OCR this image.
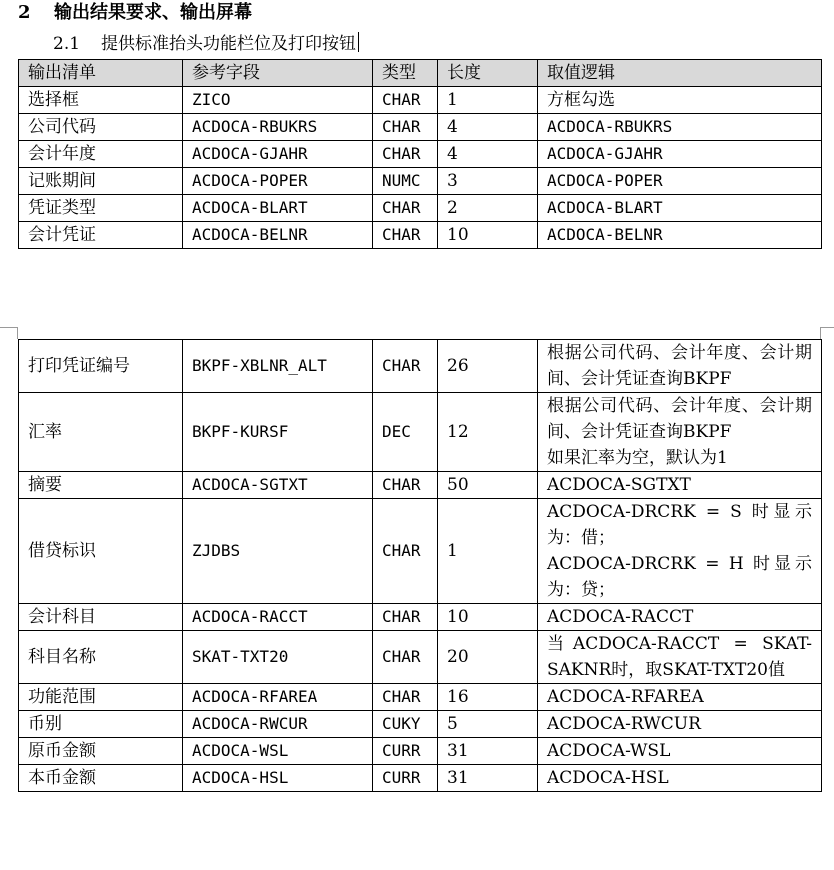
2 输出结果要求、输出屏幕
2.1 提供标准抬头功能栏位及打印按钮
输出清单	参考字段	类型	长度	取值逻辑
选择框	ZICO	CHAR	1	方框勾选
公司代码	ACDOCA-RBUKRS	CHAR	4	ACDOCA-RBUKRS
会计年度	ACDOCA-GJAHR	CHAR	4	ACDOCA-GJAHR
记账期间	ACDOCA-POPER	NUMC	3	ACDOCA-POPER
凭证类型	ACDOCA-BLART	CHAR	2	ACDOCA-BLART
会计凭证	ACDOCA-BELNR	CHAR	10	ACDOCA-BELNR
打印凭证编号	BKPF-XBLNR_ALT	CHAR	26	根据公司代码、会计年度、会计期间、会计凭证查询BKPF

汇率	BKPF-KURSF	DEC	12	根据公司代码、会计年度、会计期间、会计凭证查询BKPF
如果汇率为空，默认为1

摘要	ACDOCA-SGTXT	CHAR	50	ACDOCA-SGTXT

借贷标识	ZJDBS	CHAR	1	ACDOCA-DRCRK = S 时显示为：借；
ACDOCA-DRCRK = H 时显示为：贷；

会计科目	ACDOCA-RACCT	CHAR	10	ACDOCA-RACCT

科目名称	SKAT-TXT20	CHAR	20	当ACDOCA-RACCT = SKAT-SAKNR时，取SKAT-TXT20值

功能范围	ACDOCA-RFAREA	CHAR	16	ACDOCA-RFAREA

币别	ACDOCA-RWCUR	CUKY	5	ACDOCA-RWCUR

原币金额	ACDOCA-WSL	CURR	31	ACDOCA-WSL

本币金额	ACDOCA-HSL	CURR	31	ACDOCA-HSL
